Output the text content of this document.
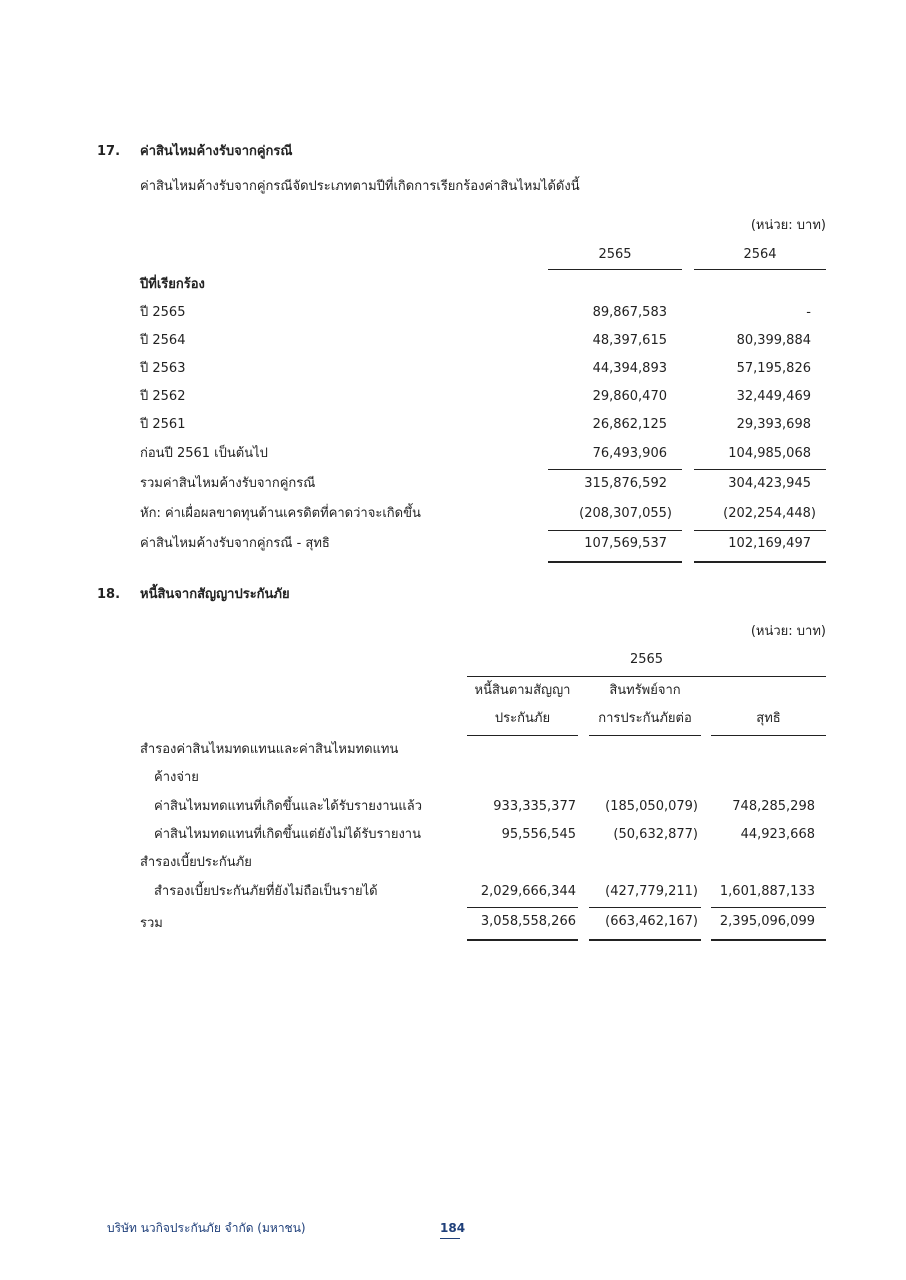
17. ค่าสินไหมค้างรับจากคู่กรณี
ค่าสินไหมค้างรับจากคู่กรณีจัดประเภทตามปีที่เกิดการเรียกร้องค่าสินไหมได้ดังนี้
(หน่วย: บาท)
2565	2564
ปีที่เรียกร้อง
ปี 2565	89,867,583	-
ปี 2564	48,397,615	80,399,884
ปี 2563	44,394,893	57,195,826
ปี 2562	29,860,470	32,449,469
ปี 2561	26,862,125	29,393,698
ก่อนปี 2561 เป็นต้นไป	76,493,906	104,985,068
รวมค่าสินไหมค้างรับจากคู่กรณี	315,876,592	304,423,945
หัก: ค่าเผื่อผลขาดทุนด้านเครดิตที่คาดว่าจะเกิดขึ้น	(208,307,055)	(202,254,448)
ค่าสินไหมค้างรับจากคู่กรณี - สุทธิ	107,569,537	102,169,497
18. หนี้สินจากสัญญาประกันภัย
(หน่วย: บาท)
2565
หนี้สินตามสัญญา	สินทรัพย์จาก
ประกันภัย	การประกันภัยต่อ	สุทธิ
สำรองค่าสินไหมทดแทนและค่าสินไหมทดแทน
ค้างจ่าย
ค่าสินไหมทดแทนที่เกิดขึ้นและได้รับรายงานแล้ว	933,335,377	(185,050,079)	748,285,298
ค่าสินไหมทดแทนที่เกิดขึ้นแต่ยังไม่ได้รับรายงาน	95,556,545	(50,632,877)	44,923,668
สำรองเบี้ยประกันภัย
สำรองเบี้ยประกันภัยที่ยังไม่ถือเป็นรายได้	2,029,666,344	(427,779,211)	1,601,887,133
รวม	3,058,558,266	(663,462,167)	2,395,096,099
บริษัท นวกิจประกันภัย จำกัด (มหาชน)	184
